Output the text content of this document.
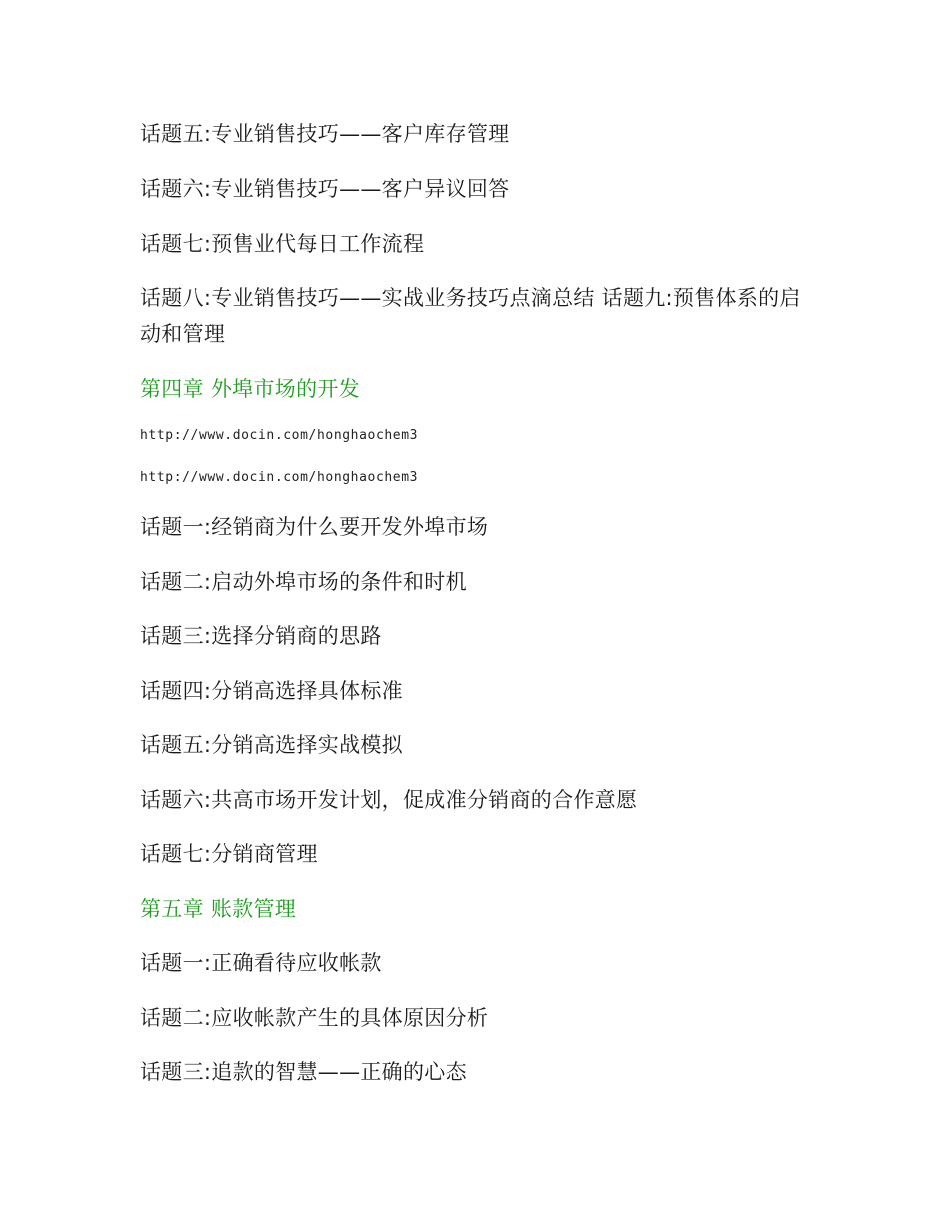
话题五:专业销售技巧——客户库存管理
话题六:专业销售技巧——客户异议回答
话题七:预售业代每日工作流程
话题八:专业销售技巧——实战业务技巧点滴总结 话题九:预售体系的启动和管理
第四章 外埠市场的开发
http://www.docin.com/honghaochem3
http://www.docin.com/honghaochem3
话题一:经销商为什么要开发外埠市场
话题二:启动外埠市场的条件和时机
话题三:选择分销商的思路
话题四:分销高选择具体标准
话题五:分销高选择实战模拟
话题六:共高市场开发计划，促成准分销商的合作意愿
话题七:分销商管理
第五章 账款管理
话题一:正确看待应收帐款
话题二:应收帐款产生的具体原因分析
话题三:追款的智慧——正确的心态
